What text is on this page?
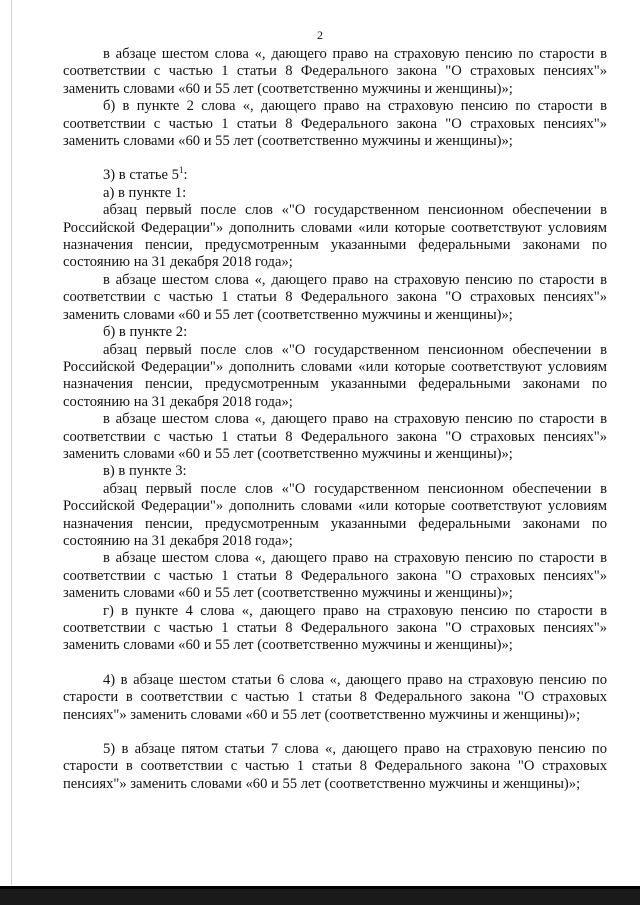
2

в абзаце шестом слова «, дающего право на страховую пенсию по старости в соответствии с частью 1 статьи 8 Федерального закона "О страховых пенсиях"» заменить словами «60 и 55 лет (соответственно мужчины и женщины)»;

б) в пункте 2 слова «, дающего право на страховую пенсию по старости в соответствии с частью 1 статьи 8 Федерального закона "О страховых пенсиях"» заменить словами «60 и 55 лет (соответственно мужчины и женщины)»;

3) в статье $5^1$:

а) в пункте 1:

абзац первый после слов «"О государственном пенсионном обеспечении в Российской Федерации"» дополнить словами «или которые соответствуют условиям назначения пенсии, предусмотренным указанными федеральными законами по состоянию на 31 декабря 2018 года»;

в абзаце шестом слова «, дающего право на страховую пенсию по старости в соответствии с частью 1 статьи 8 Федерального закона "О страховых пенсиях"» заменить словами «60 и 55 лет (соответственно мужчины и женщины)»;

б) в пункте 2:

абзац первый после слов «"О государственном пенсионном обеспечении в Российской Федерации"» дополнить словами «или которые соответствуют условиям назначения пенсии, предусмотренным указанными федеральными законами по состоянию на 31 декабря 2018 года»;

в абзаце шестом слова «, дающего право на страховую пенсию по старости в соответствии с частью 1 статьи 8 Федерального закона "О страховых пенсиях"» заменить словами «60 и 55 лет (соответственно мужчины и женщины)»;

в) в пункте 3:

абзац первый после слов «"О государственном пенсионном обеспечении в Российской Федерации"» дополнить словами «или которые соответствуют условиям назначения пенсии, предусмотренным указанными федеральными законами по состоянию на 31 декабря 2018 года»;

в абзаце шестом слова «, дающего право на страховую пенсию по старости в соответствии с частью 1 статьи 8 Федерального закона "О страховых пенсиях"» заменить словами «60 и 55 лет (соответственно мужчины и женщины)»;

г) в пункте 4 слова «, дающего право на страховую пенсию по старости в соответствии с частью 1 статьи 8 Федерального закона "О страховых пенсиях"» заменить словами «60 и 55 лет (соответственно мужчины и женщины)»;

4) в абзаце шестом статьи 6 слова «, дающего право на страховую пенсию по старости в соответствии с частью 1 статьи 8 Федерального закона "О страховых пенсиях"» заменить словами «60 и 55 лет (соответственно мужчины и женщины)»;

5) в абзаце пятом статьи 7 слова «, дающего право на страховую пенсию по старости в соответствии с частью 1 статьи 8 Федерального закона "О страховых пенсиях"» заменить словами «60 и 55 лет (соответственно мужчины и женщины)»;
